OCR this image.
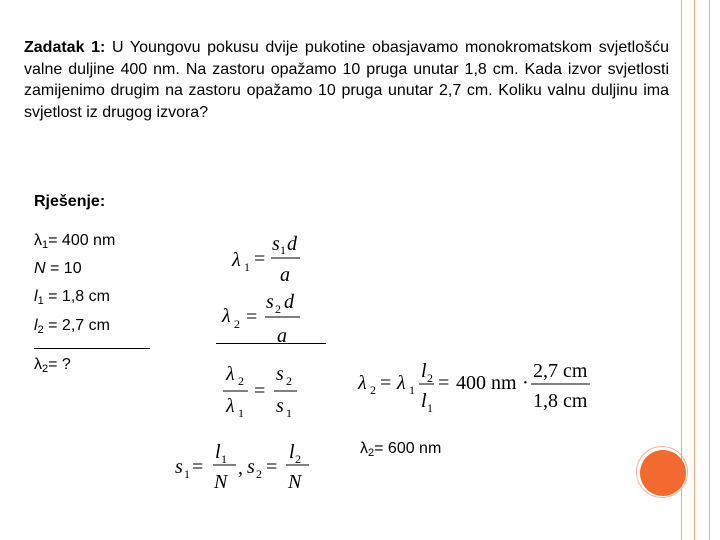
Zadatak 1: U Youngovu pokusu dvije pukotine obasjavamo monokromatskom svjetlošću valne duljine 400 nm. Na zastoru opažamo 10 pruga unutar 1,8 cm. Kada izvor svjetlosti zamijenimo drugim na zastoru opažamo 10 pruga unutar 2,7 cm. Koliku valnu duljinu ima svjetlost iz drugog izvora?
Rješenje:
$\lambda_1= 400$ nm
N = 10
$l_1 = 1,8$ cm
$l_2 = 2,7$ cm
$\lambda_2=$ ?
λ 1 =
s 1 d
a
λ 2 =
s 2 d
a
λ 2
λ 1
=
s 2
s 1
s 1 =
l 1
N
, s 2 =
l 2
N
λ 2 = λ 1
l 2
l 1
= 400 nm ·
2,7 cm
1,8 cm
$\lambda_2= 600$ nm
